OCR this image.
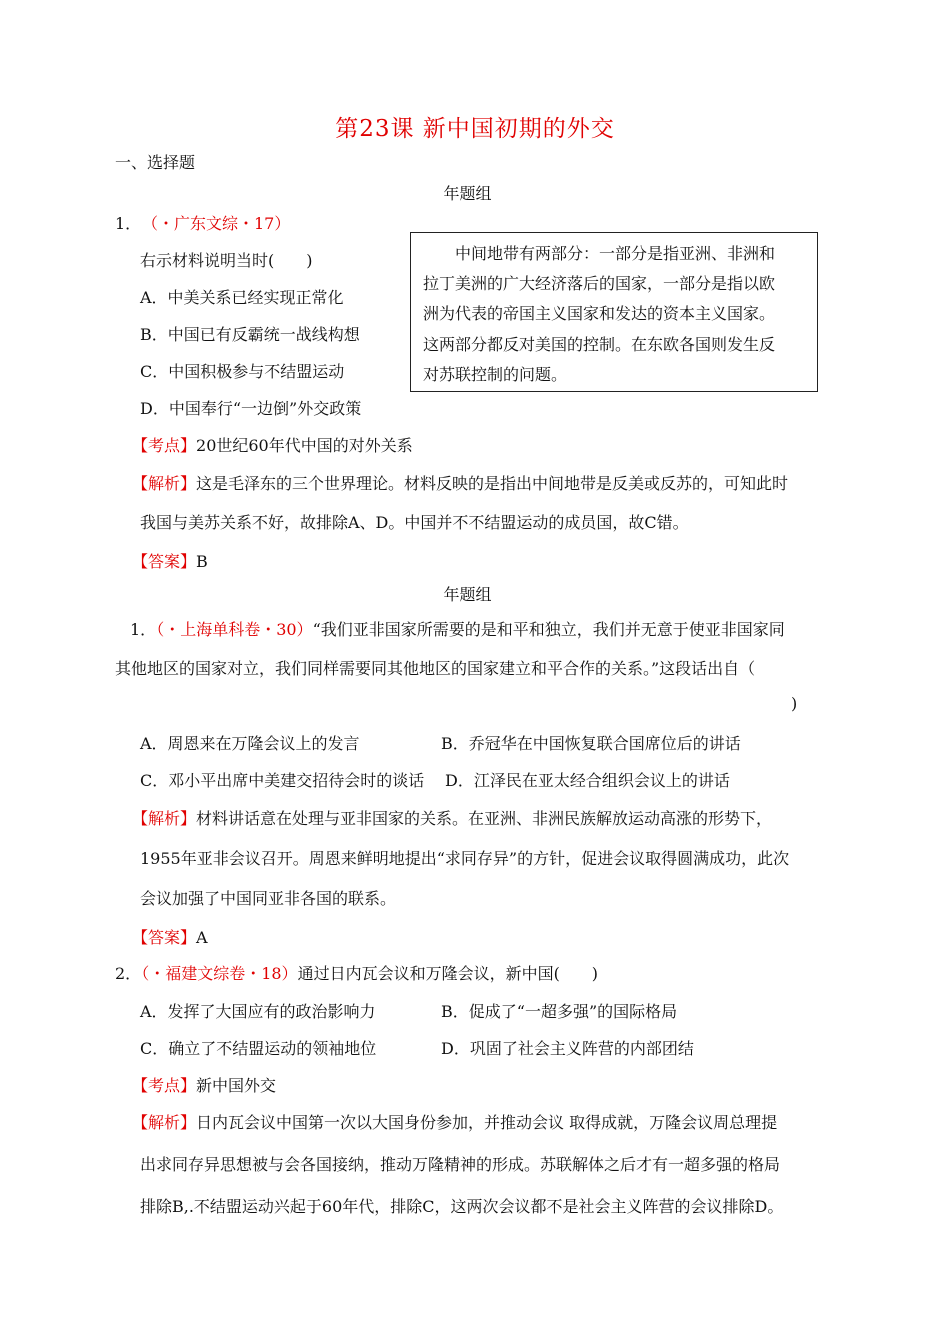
第23课 新中国初期的外交
一、选择题
年题组
1． （・广东文综・17）
右示材料说明当时(　　)
A．中美关系已经实现正常化
B．中国已有反霸统一战线构想
C．中国积极参与不结盟运动
D．中国奉行“一边倒”外交政策
中间地带有两部分：一部分是指亚洲、非洲和
拉丁美洲的广大经济落后的国家，一部分是指以欧
洲为代表的帝国主义国家和发达的资本主义国家。
这两部分都反对美国的控制。在东欧各国则发生反
对苏联控制的问题。
【考点】20世纪60年代中国的对外关系
【解析】这是毛泽东的三个世界理论。材料反映的是指出中间地带是反美或反苏的，可知此时
我国与美苏关系不好，故排除A、D。中国并不不结盟运动的成员国，故C错。
【答案】B
年题组
1．（・上海单科卷・30）“我们亚非国家所需要的是和平和独立，我们并无意于使亚非国家同
其他地区的国家对立，我们同样需要同其他地区的国家建立和平合作的关系。”这段话出自（
)
A．周恩来在万隆会议上的发言	B．乔冠华在中国恢复联合国席位后的讲话
C．邓小平出席中美建交招待会时的谈话 D．江泽民在亚太经合组织会议上的讲话
【解析】材料讲话意在处理与亚非国家的关系。在亚洲、非洲民族解放运动高涨的形势下，
1955年亚非会议召开。周恩来鲜明地提出“求同存异”的方针，促进会议取得圆满成功，此次
会议加强了中国同亚非各国的联系。
【答案】A
2．（・福建文综卷・18）通过日内瓦会议和万隆会议，新中国(　　)
A．发挥了大国应有的政治影响力	B．促成了“一超多强”的国际格局
C．确立了不结盟运动的领袖地位	D．巩固了社会主义阵营的内部团结
【考点】新中国外交
【解析】日内瓦会议中国第一次以大国身份参加，并推动会议 取得成就，万隆会议周总理提
出求同存异思想被与会各国接纳，推动万隆精神的形成。苏联解体之后才有一超多强的格局
排除B,.不结盟运动兴起于60年代，排除C，这两次会议都不是社会主义阵营的会议排除D。
